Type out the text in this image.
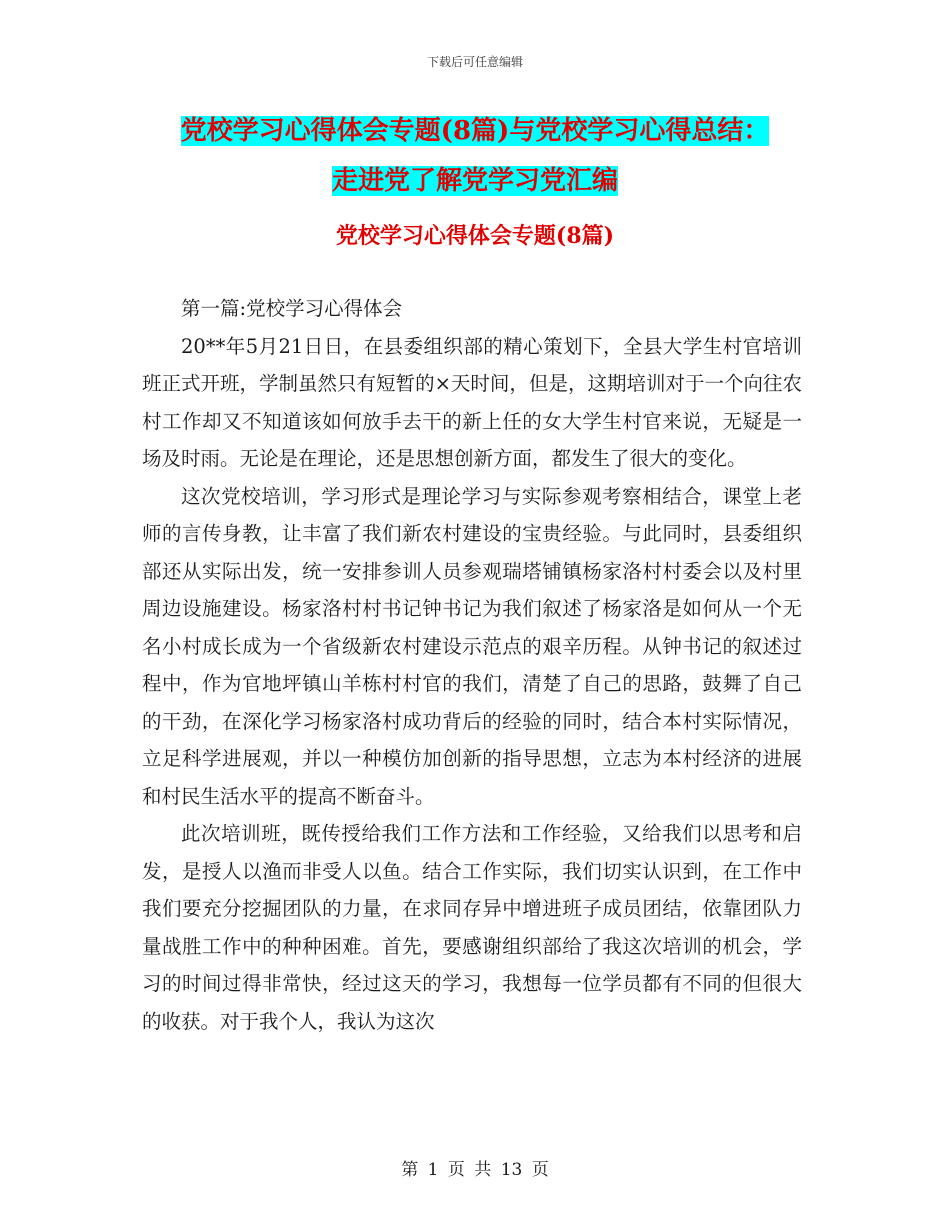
下载后可任意编辑
党校学习心得体会专题(8篇)与党校学习心得总结：
走进党了解党学习党汇编
党校学习心得体会专题(8篇)

第一篇:党校学习心得体会

20**年5月21日日，在县委组织部的精心策划下，全县大学生村官培训班正式开班，学制虽然只有短暂的×天时间，但是，这期培训对于一个向往农村工作却又不知道该如何放手去干的新上任的女大学生村官来说，无疑是一场及时雨。无论是在理论，还是思想创新方面，都发生了很大的变化。

这次党校培训，学习形式是理论学习与实际参观考察相结合，课堂上老师的言传身教，让丰富了我们新农村建设的宝贵经验。与此同时，县委组织部还从实际出发，统一安排参训人员参观瑞塔铺镇杨家洛村村委会以及村里周边设施建设。杨家洛村村书记钟书记为我们叙述了杨家洛是如何从一个无名小村成长成为一个省级新农村建设示范点的艰辛历程。从钟书记的叙述过程中，作为官地坪镇山羊栋村村官的我们，清楚了自己的思路，鼓舞了自己的干劲，在深化学习杨家洛村成功背后的经验的同时，结合本村实际情况，立足科学进展观，并以一种模仿加创新的指导思想，立志为本村经济的进展和村民生活水平的提高不断奋斗。

此次培训班，既传授给我们工作方法和工作经验，又给我们以思考和启发，是授人以渔而非受人以鱼。结合工作实际，我们切实认识到，在工作中我们要充分挖掘团队的力量，在求同存异中增进班子成员团结，依靠团队力量战胜工作中的种种困难。首先，要感谢组织部给了我这次培训的机会，学习的时间过得非常快，经过这天的学习，我想每一位学员都有不同的但很大的收获。对于我个人，我认为这次

第 1 页 共 13 页
